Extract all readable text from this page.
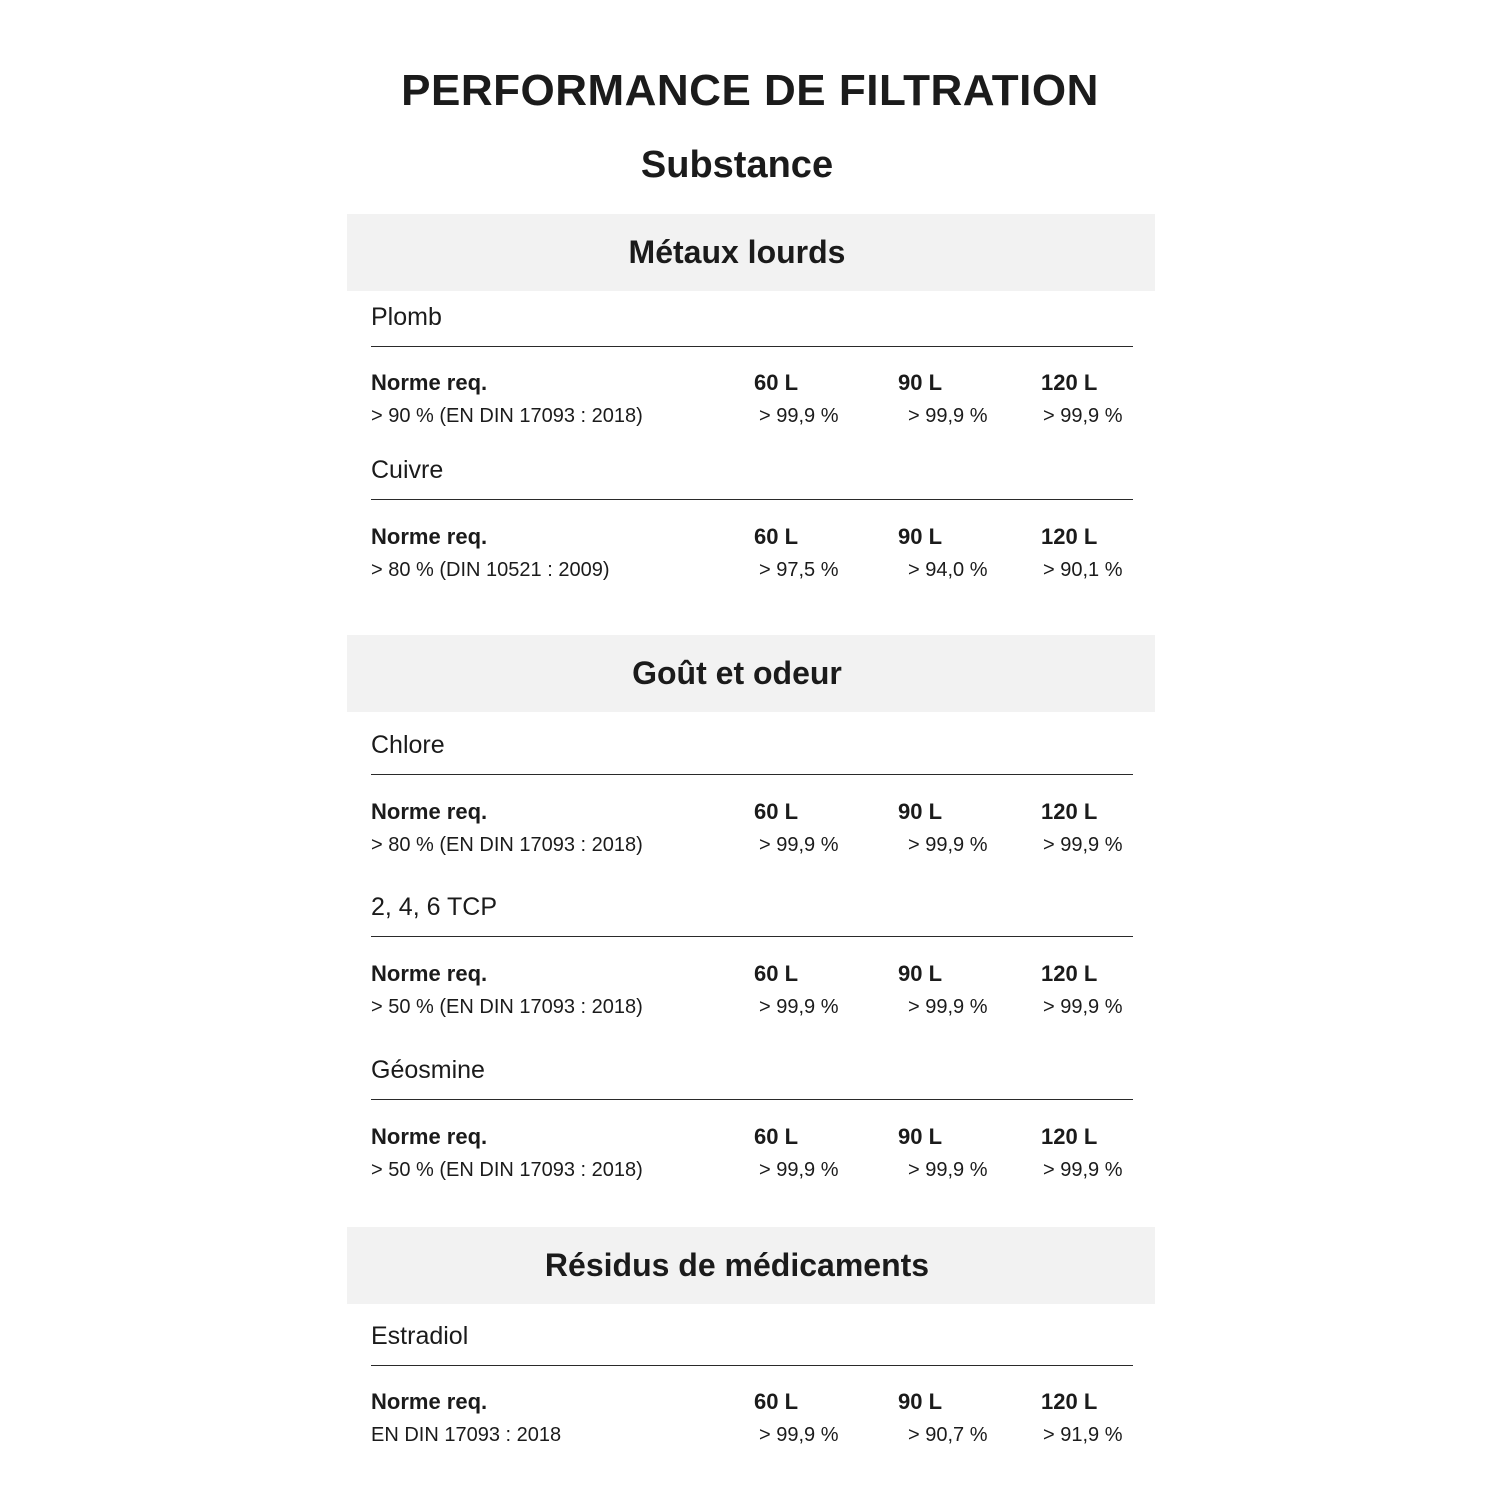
PERFORMANCE DE FILTRATION
Substance
Métaux lourds
Plomb
Norme req.	60 L	90 L	120 L
> 90 % (EN DIN 17093 : 2018)	> 99,9 %	> 99,9 %	> 99,9 %
Cuivre
Norme req.	60 L	90 L	120 L
> 80 % (DIN 10521 : 2009)	> 97,5 %	> 94,0 %	> 90,1 %
Goût et odeur
Chlore
Norme req.	60 L	90 L	120 L
> 80 % (EN DIN 17093 : 2018)	> 99,9 %	> 99,9 %	> 99,9 %
2, 4, 6 TCP
Norme req.	60 L	90 L	120 L
> 50 % (EN DIN 17093 : 2018)	> 99,9 %	> 99,9 %	> 99,9 %
Géosmine
Norme req.	60 L	90 L	120 L
> 50 % (EN DIN 17093 : 2018)	> 99,9 %	> 99,9 %	> 99,9 %
Résidus de médicaments
Estradiol
Norme req.	60 L	90 L	120 L
EN DIN 17093 : 2018	> 99,9 %	> 90,7 %	> 91,9 %
